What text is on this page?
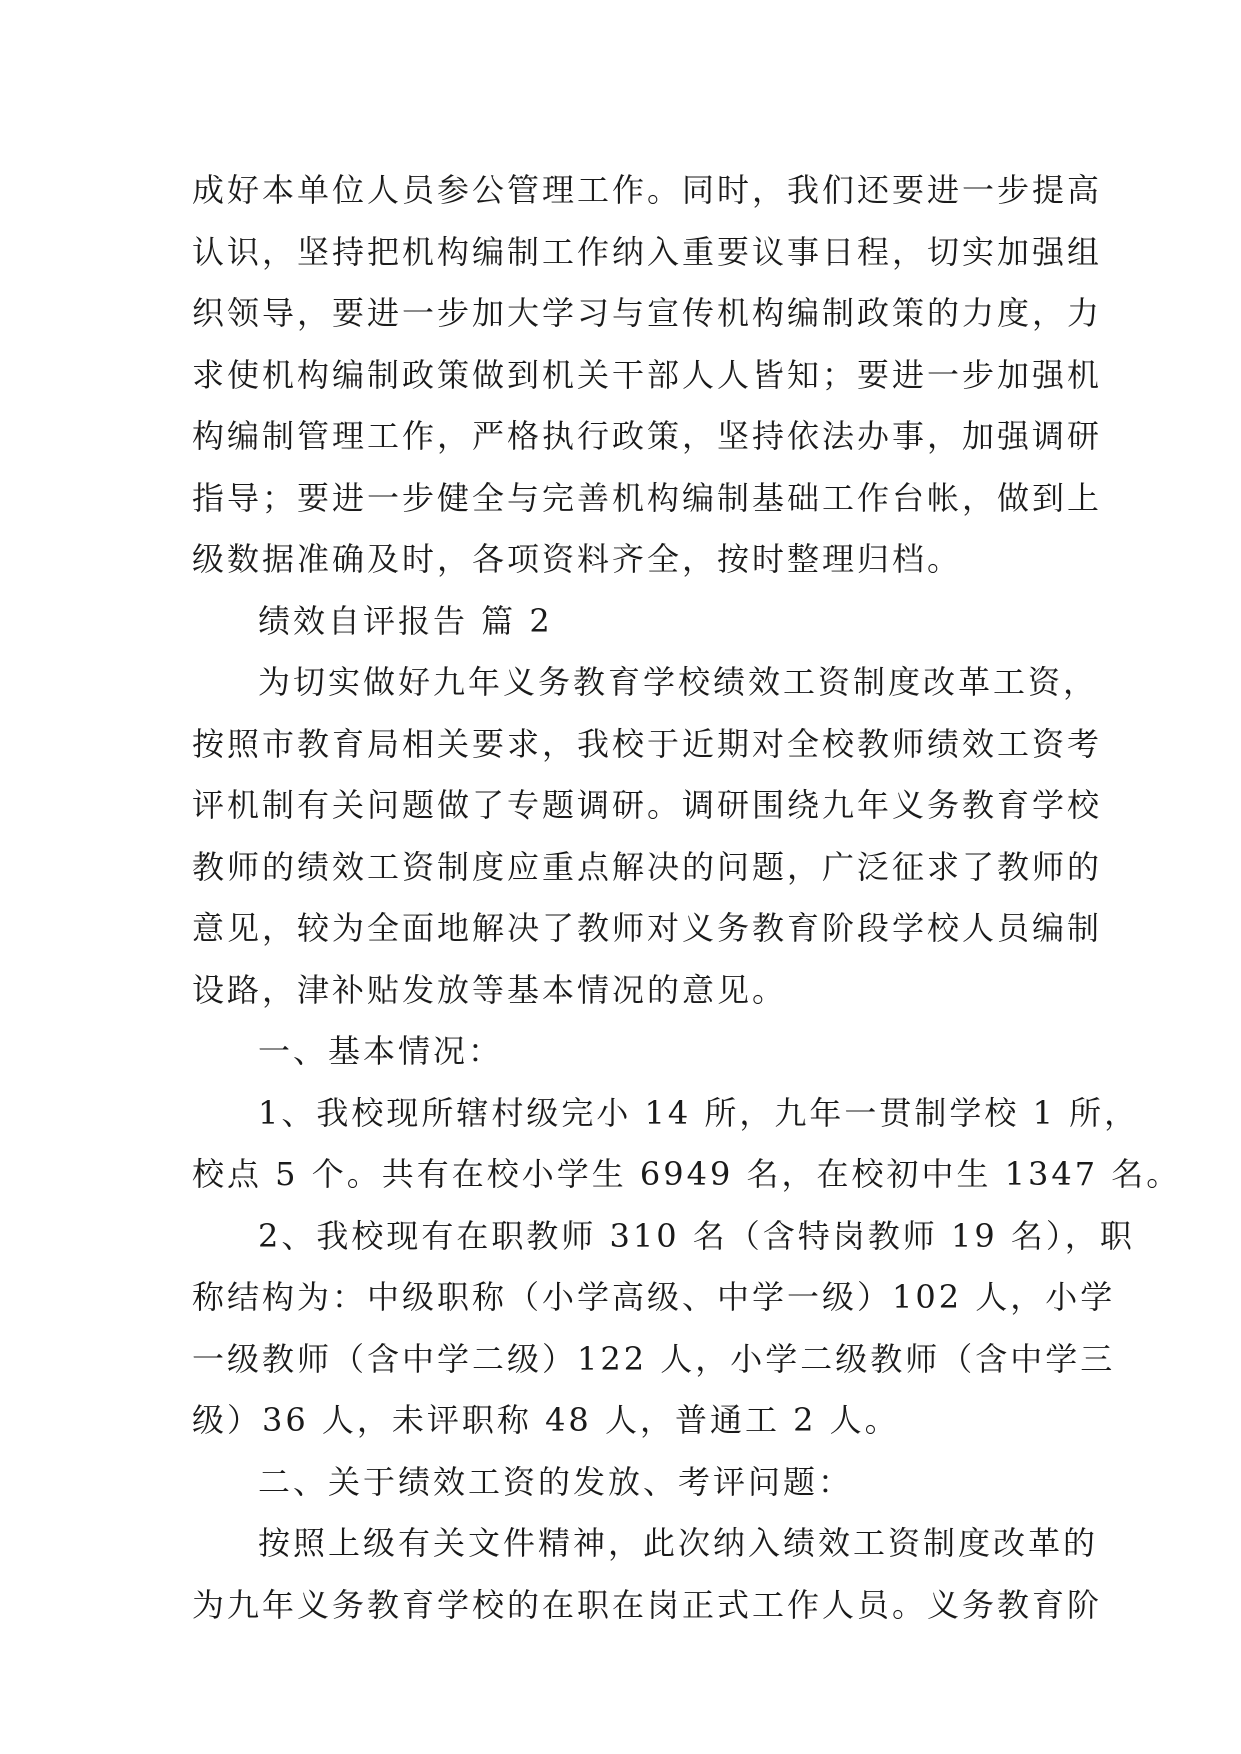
成好本单位人员参公管理工作。同时，我们还要进一步提高
认识，坚持把机构编制工作纳入重要议事日程，切实加强组
织领导，要进一步加大学习与宣传机构编制政策的力度，力
求使机构编制政策做到机关干部人人皆知；要进一步加强机
构编制管理工作，严格执行政策，坚持依法办事，加强调研
指导；要进一步健全与完善机构编制基础工作台帐，做到上
级数据准确及时，各项资料齐全，按时整理归档。
绩效自评报告 篇 2
为切实做好九年义务教育学校绩效工资制度改革工资，
按照市教育局相关要求，我校于近期对全校教师绩效工资考
评机制有关问题做了专题调研。调研围绕九年义务教育学校
教师的绩效工资制度应重点解决的问题，广泛征求了教师的
意见，较为全面地解决了教师对义务教育阶段学校人员编制
设路，津补贴发放等基本情况的意见。
一、基本情况：
1、我校现所辖村级完小 14 所，九年一贯制学校 1 所，
校点 5 个。共有在校小学生 6949 名，在校初中生 1347 名。
2、我校现有在职教师 310 名（含特岗教师 19 名），职
称结构为：中级职称（小学高级、中学一级）102 人，小学
一级教师（含中学二级）122 人，小学二级教师（含中学三
级）36 人，未评职称 48 人，普通工 2 人。
二、关于绩效工资的发放、考评问题：
按照上级有关文件精神，此次纳入绩效工资制度改革的
为九年义务教育学校的在职在岗正式工作人员。义务教育阶
